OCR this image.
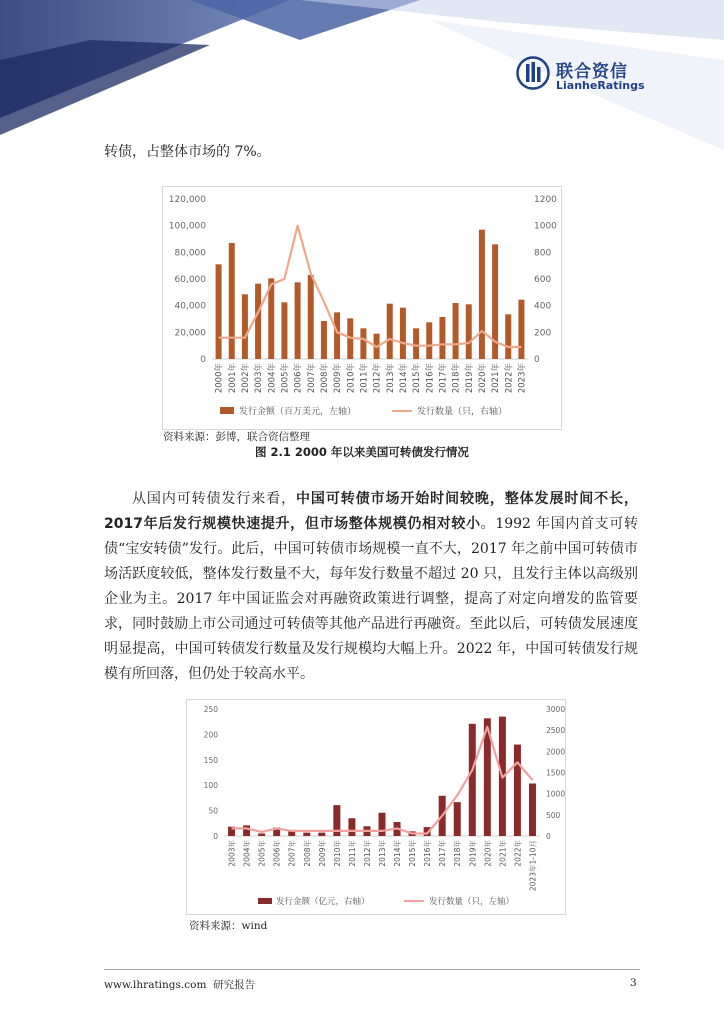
联合资信
LianheRatings
转债，占整体市场的 7%。
0
20,000
40,000
60,000
80,000
100,000
120,000
0
200
400
600
800
1000
1200
2000年 2001年 2002年 2003年 2004年 2005年 2006年 2007年 2008年 2009年 2010年 2011年 2012年 2013年 2014年 2015年 2016年 2017年 2018年 2019年 2020年 2021年 2022年 2023年
发行金额（百万美元，左轴）	发行数量（只，右轴）
资料来源：彭博，联合资信整理
图 2.1 2000 年以来美国可转债发行情况
从国内可转债发行来看，中国可转债市场开始时间较晚，整体发展时间不长，2017年后发行规模快速提升，但市场整体规模仍相对较小。1992 年国内首支可转债“宝安转债”发行。此后，中国可转债市场规模一直不大，2017 年之前中国可转债市场活跃度较低，整体发行数量不大，每年发行数量不超过 20 只，且发行主体以高级别企业为主。2017 年中国证监会对再融资政策进行调整，提高了对定向增发的监管要求，同时鼓励上市公司通过可转债等其他产品进行再融资。至此以后，可转债发展速度明显提高，中国可转债发行数量及发行规模均大幅上升。2022 年，中国可转债发行规模有所回落，但仍处于较高水平。
0
50
100
150
200
250
0
500
1000
1500
2000
2500
3000
2003年 2004年 2005年 2006年 2007年 2008年 2009年 2010年 2011年 2012年 2013年 2014年 2015年 2016年 2017年 2018年 2019年 2020年 2021年 2022年 2023年1-10月
发行金额（亿元，右轴）	发行数量（只，左轴）
资料来源：wind
www.lhratings.com 研究报告	3
